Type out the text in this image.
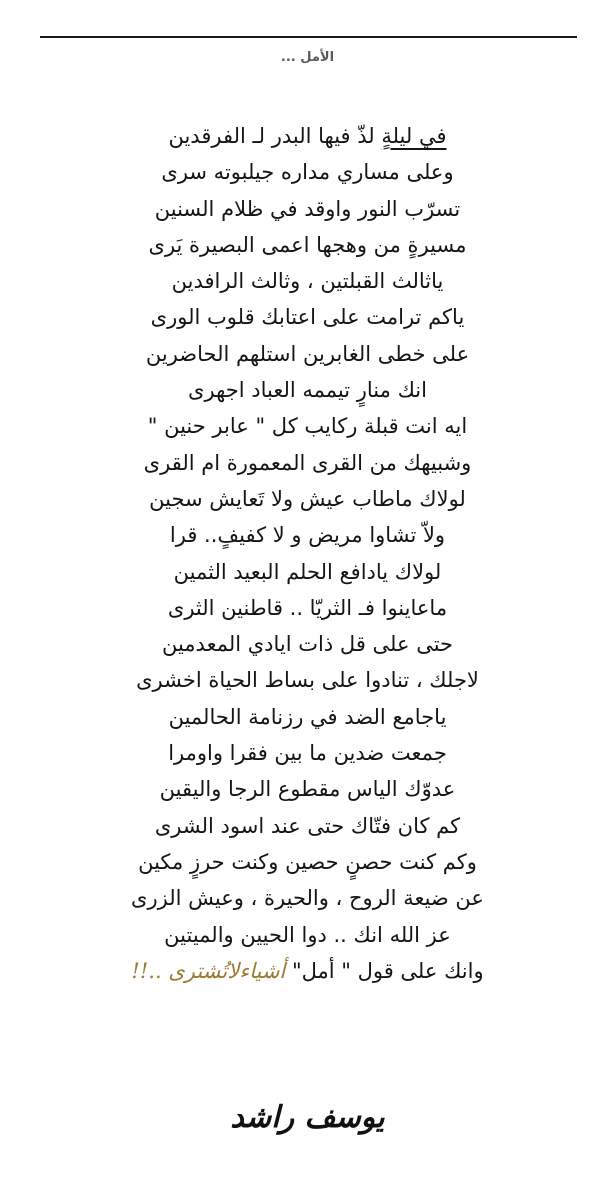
الأمل ...
في ليلةٍ لذّ فيها البدر لـ الفرقدين
وعلى مساري مداره جيلبوته سرى
تسرّب النور واوقد في ظلام السنين
مسيرةٍ من وهجها اعمى البصيرة يَرى
ياثالث القبلتين ، وثالث الرافدين
ياكم ترامت على اعتابك قلوب الورى
على خطى الغابرين استلهم الحاضرين
انك منارٍ تيممه العباد اجهرى
ايه انت قبلة ركايب كل " عابر حنين "
وشبيهك من القرى المعمورة ام القرى
لولاك ماطاب عيش ولا تَعايش سجين
ولاّ تشاوا مريض و لا كفيفٍ.. قرا
لولاك يادافع الحلم البعيد الثمين
ماعاينوا فـ الثريّا .. قاطنين الثرى
حتى على قل ذات ايادي المعدمين
لاجلك ، تنادوا على بساط الحياة اخشرى
ياجامع الضد في رزنامة الحالمين
جمعت ضدين ما بين فقرا واومرا
عدوّك الياس مقطوع الرجا واليقين
كم كان فتّاك حتى عند اسود الشرى
وكم كنت حصنٍ حصين وكنت حرزٍ مكين
عن ضيعة الروح ، والحيرة ، وعيش الزرى
عز الله انك .. دوا الحيين والميتين
وانك على قول " أمل" أشياءلاتُشترى ..!!
يوسف راشد
